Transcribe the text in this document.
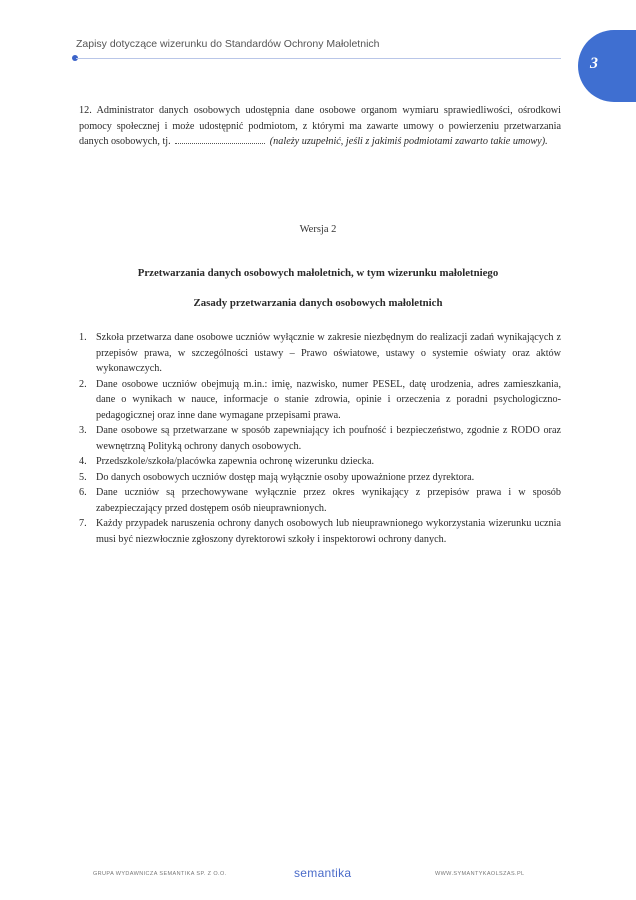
Zapisy dotyczące wizerunku do Standardów Ochrony Małoletnich
3
12. Administrator danych osobowych udostępnia dane osobowe organom wymiaru sprawiedliwości, ośrodkowi pomocy społecznej i może udostępnić podmiotom, z którymi ma zawarte umowy o powierzeniu przetwarzania danych osobowych, tj.	(należy uzupełnić, jeśli z jakimiś podmiotami zawarto takie umowy).
Wersja 2
Przetwarzania danych osobowych małoletnich, w tym wizerunku małoletniego
Zasady przetwarzania danych osobowych małoletnich
1. Szkoła przetwarza dane osobowe uczniów wyłącznie w zakresie niezbędnym do realizacji zadań wynikających z przepisów prawa, w szczególności ustawy – Prawo oświatowe, ustawy o systemie oświaty oraz aktów wykonawczych.
2. Dane osobowe uczniów obejmują m.in.: imię, nazwisko, numer PESEL, datę urodzenia, adres zamieszkania, dane o wynikach w nauce, informacje o stanie zdrowia, opinie i orzeczenia z poradni psychologiczno-pedagogicznej oraz inne dane wymagane przepisami prawa.
3. Dane osobowe są przetwarzane w sposób zapewniający ich poufność i bezpieczeństwo, zgodnie z RODO oraz wewnętrzną Polityką ochrony danych osobowych.
4. Przedszkole/szkoła/placówka zapewnia ochronę wizerunku dziecka.
5. Do danych osobowych uczniów dostęp mają wyłącznie osoby upoważnione przez dyrektora.
6. Dane uczniów są przechowywane wyłącznie przez okres wynikający z przepisów prawa i w sposób zabezpieczający przed dostępem osób nieuprawnionych.
7. Każdy przypadek naruszenia ochrony danych osobowych lub nieuprawnionego wykorzystania wizerunku ucznia musi być niezwłocznie zgłoszony dyrektorowi szkoły i inspektorowi ochrony danych.
GRUPA WYDAWNICZA SEMANTIKA SP. Z O.O.	semantika	WWW.SYMANTYKAOLSZAS.PL
